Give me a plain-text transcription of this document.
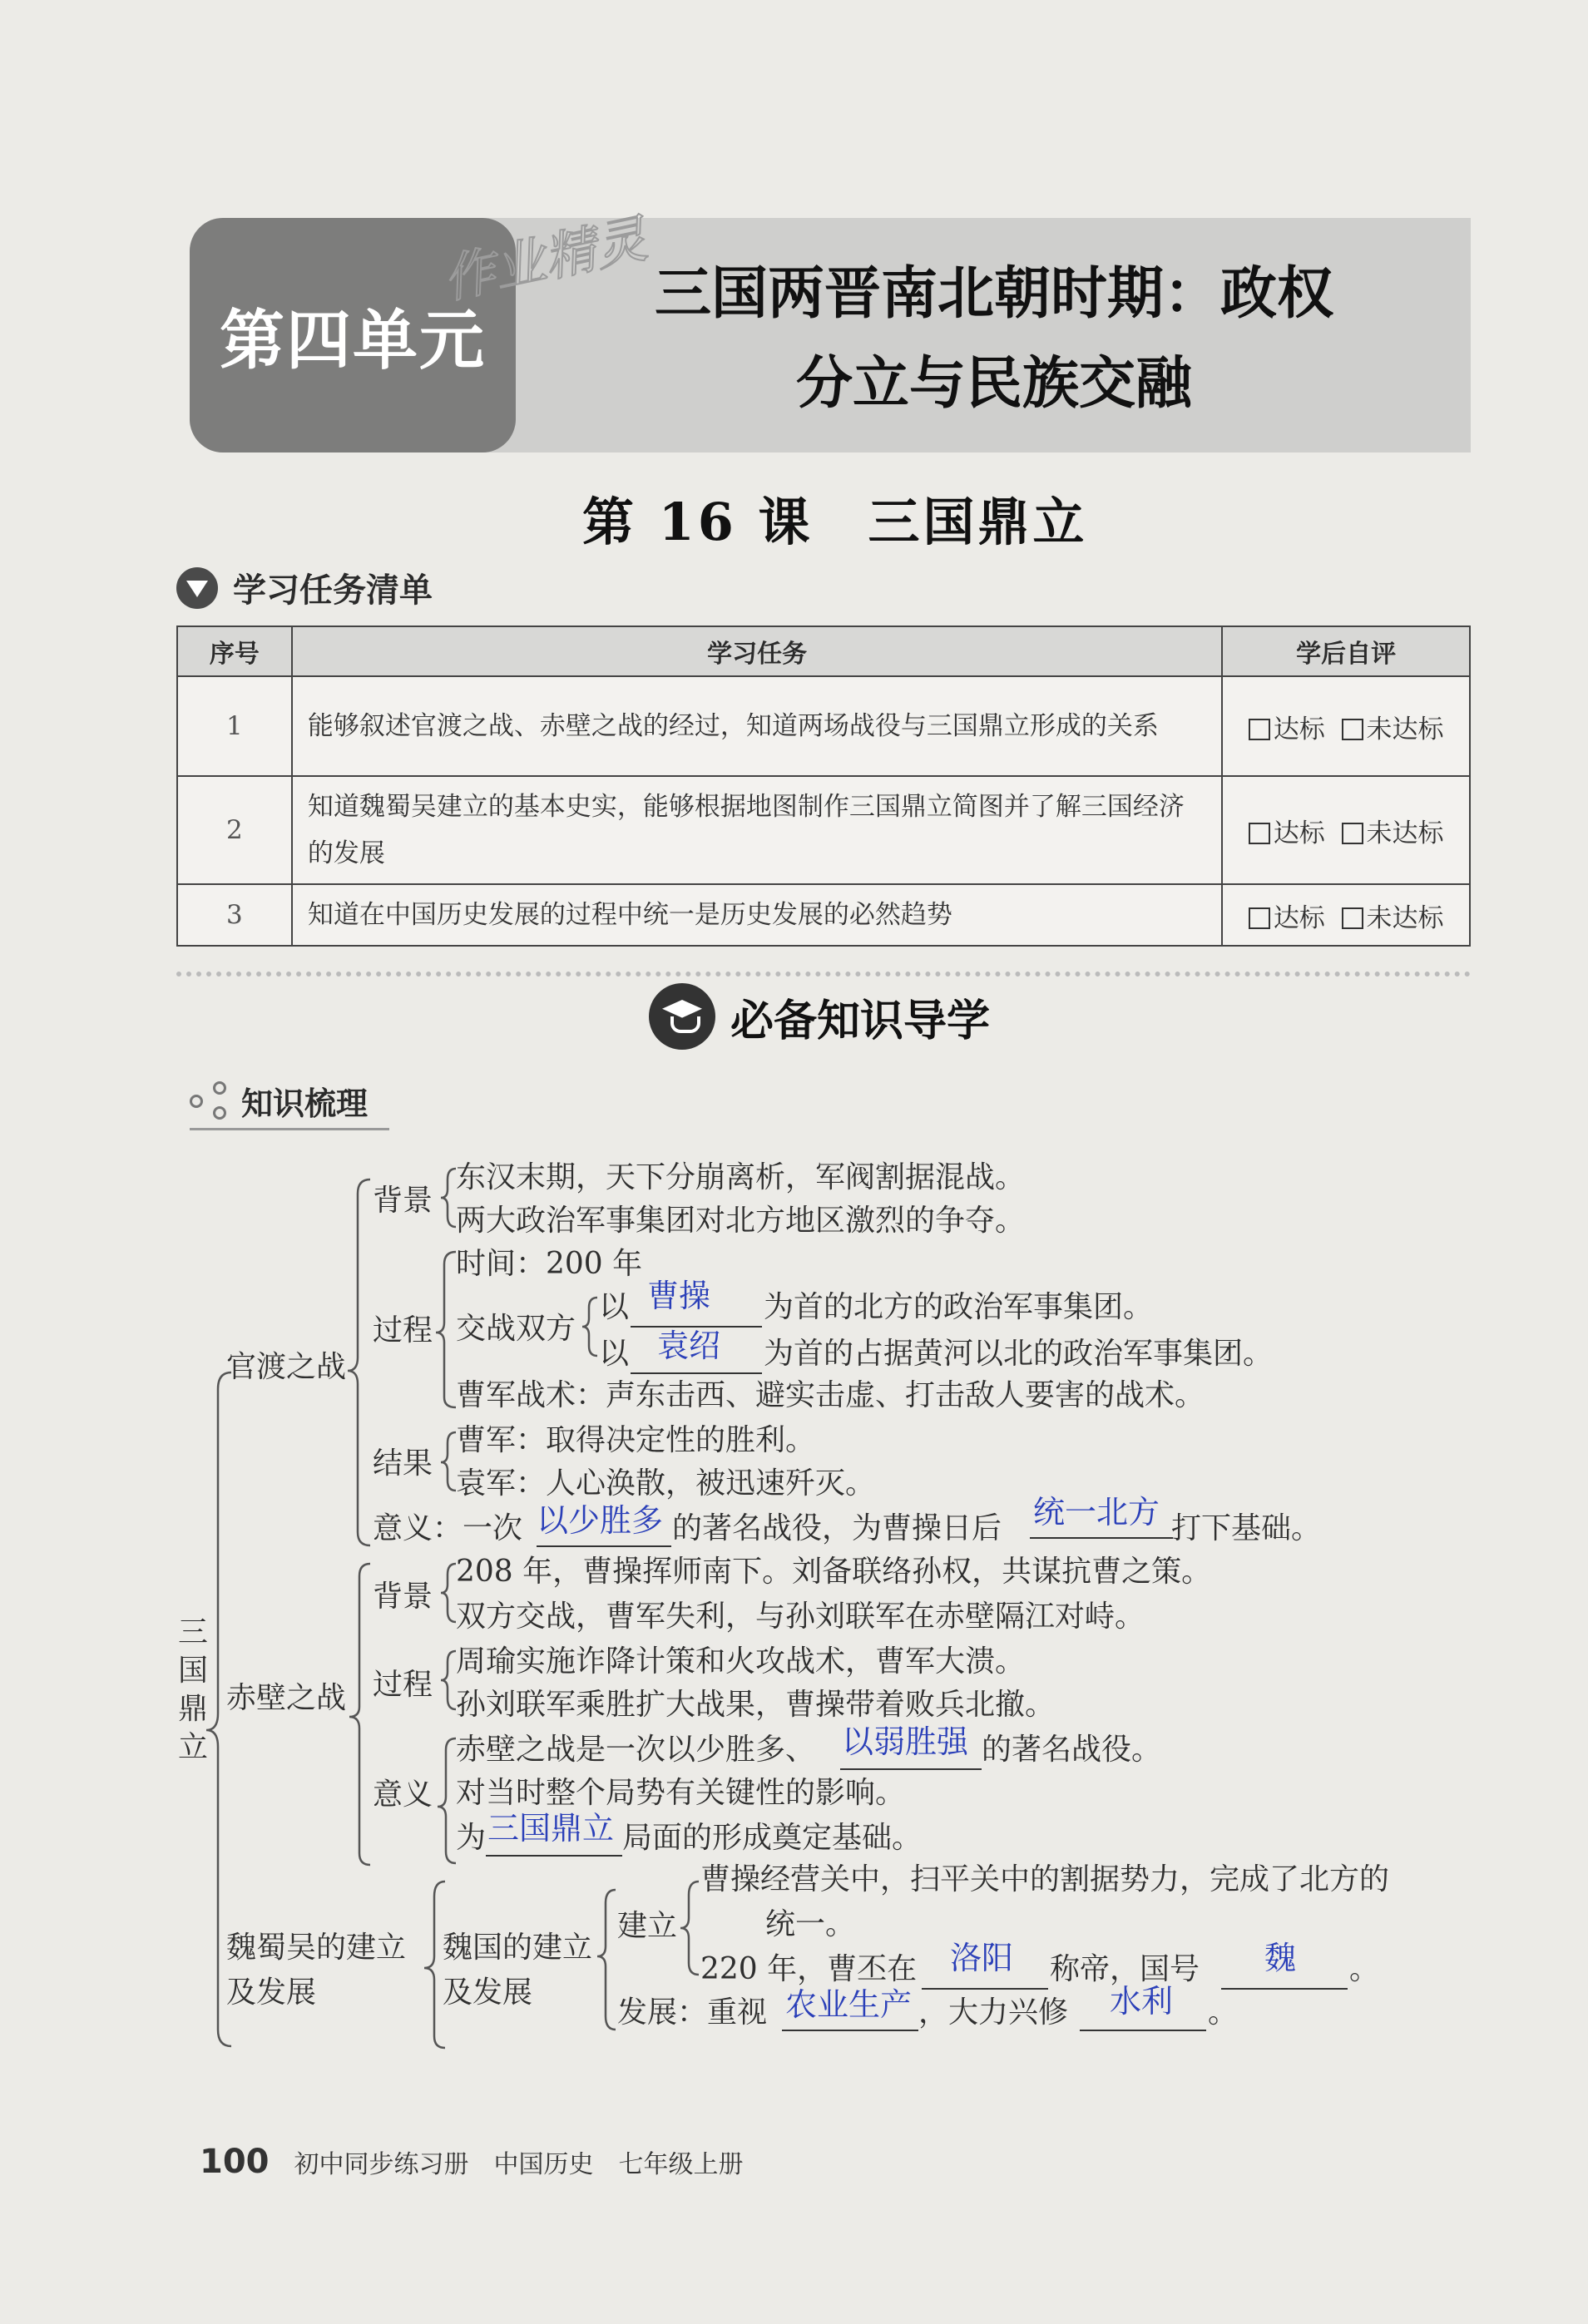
第四单元
作业精灵 三国两晋南北朝时期：政权
分立与民族交融
第 16 课　三国鼎立
学习任务清单
序号	学习任务	学后自评
1	能够叙述官渡之战、赤壁之战的经过，知道两场战役与三国鼎立形成的关系	达标 未达标
2	知道魏蜀吴建立的基本史实，能够根据地图制作三国鼎立简图并了解三国经济的发展	达标 未达标
3	知道在中国历史发展的过程中统一是历史发展的必然趋势	达标 未达标
必备知识导学
知识梳理
三
国
鼎
立
官渡之战
背景
东汉末期，天下分崩离析，军阀割据混战。
两大政治军事集团对北方地区激烈的争夺。
过程
时间：200 年
交战双方
以 曹操 为首的北方的政治军事集团。
以 袁绍 为首的占据黄河以北的政治军事集团。
曹军战术：声东击西、避实击虚、打击敌人要害的战术。
结果
曹军：取得决定性的胜利。
袁军：人心涣散，被迅速歼灭。
意义：一次 以少胜多 的著名战役，为曹操日后 统一北方 打下基础。
赤壁之战
背景
208 年，曹操挥师南下。刘备联络孙权，共谋抗曹之策。
双方交战，曹军失利，与孙刘联军在赤壁隔江对峙。
过程
周瑜实施诈降计策和火攻战术，曹军大溃。
孙刘联军乘胜扩大战果，曹操带着败兵北撤。
意义
赤壁之战是一次以少胜多、 以弱胜强 的著名战役。
对当时整个局势有关键性的影响。
为 三国鼎立 局面的形成奠定基础。
魏蜀吴的建立
及发展
魏国的建立
及发展
建立
曹操经营关中，扫平关中的割据势力，完成了北方的
统一。
220 年，曹丕在 洛阳 称帝，国号 魏 。
发展：重视 农业生产 ，大力兴修 水利 。
100 初中同步练习册 中国历史 七年级上册
